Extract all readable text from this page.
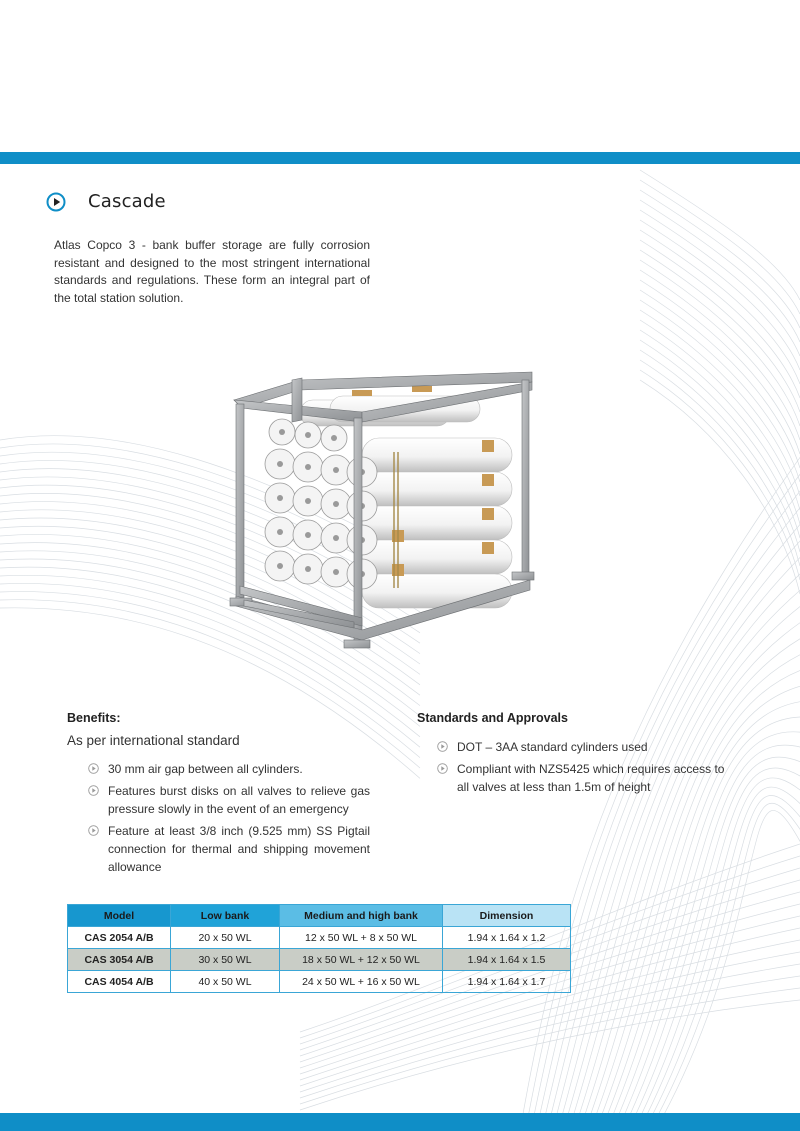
Cascade

Atlas Copco 3 - bank buffer storage are fully corrosion resistant and designed to the most stringent international standards and regulations. These form an integral part of the total station solution.

Benefits:
As per international standard
30 mm air gap between all cylinders.
Features burst disks on all valves to relieve gas pressure slowly in the event of an emergency
Feature at least 3/8 inch (9.525 mm) SS Pigtail connection for thermal and shipping movement allowance
Standards and Approvals
DOT – 3AA standard cylinders used
Compliant with NZS5425 which requires access to all valves at less than 1.5m of height
Model	Low bank	Medium and high bank	Dimension
CAS 2054 A/B	20 x 50 WL	12 x 50 WL + 8 x 50 WL	1.94 x 1.64 x 1.2
CAS 3054 A/B	30 x 50 WL	18 x 50 WL + 12 x 50 WL	1.94 x 1.64 x 1.5
CAS 4054 A/B	40 x 50 WL	24 x 50 WL + 16 x 50 WL	1.94 x 1.64 x 1.7
